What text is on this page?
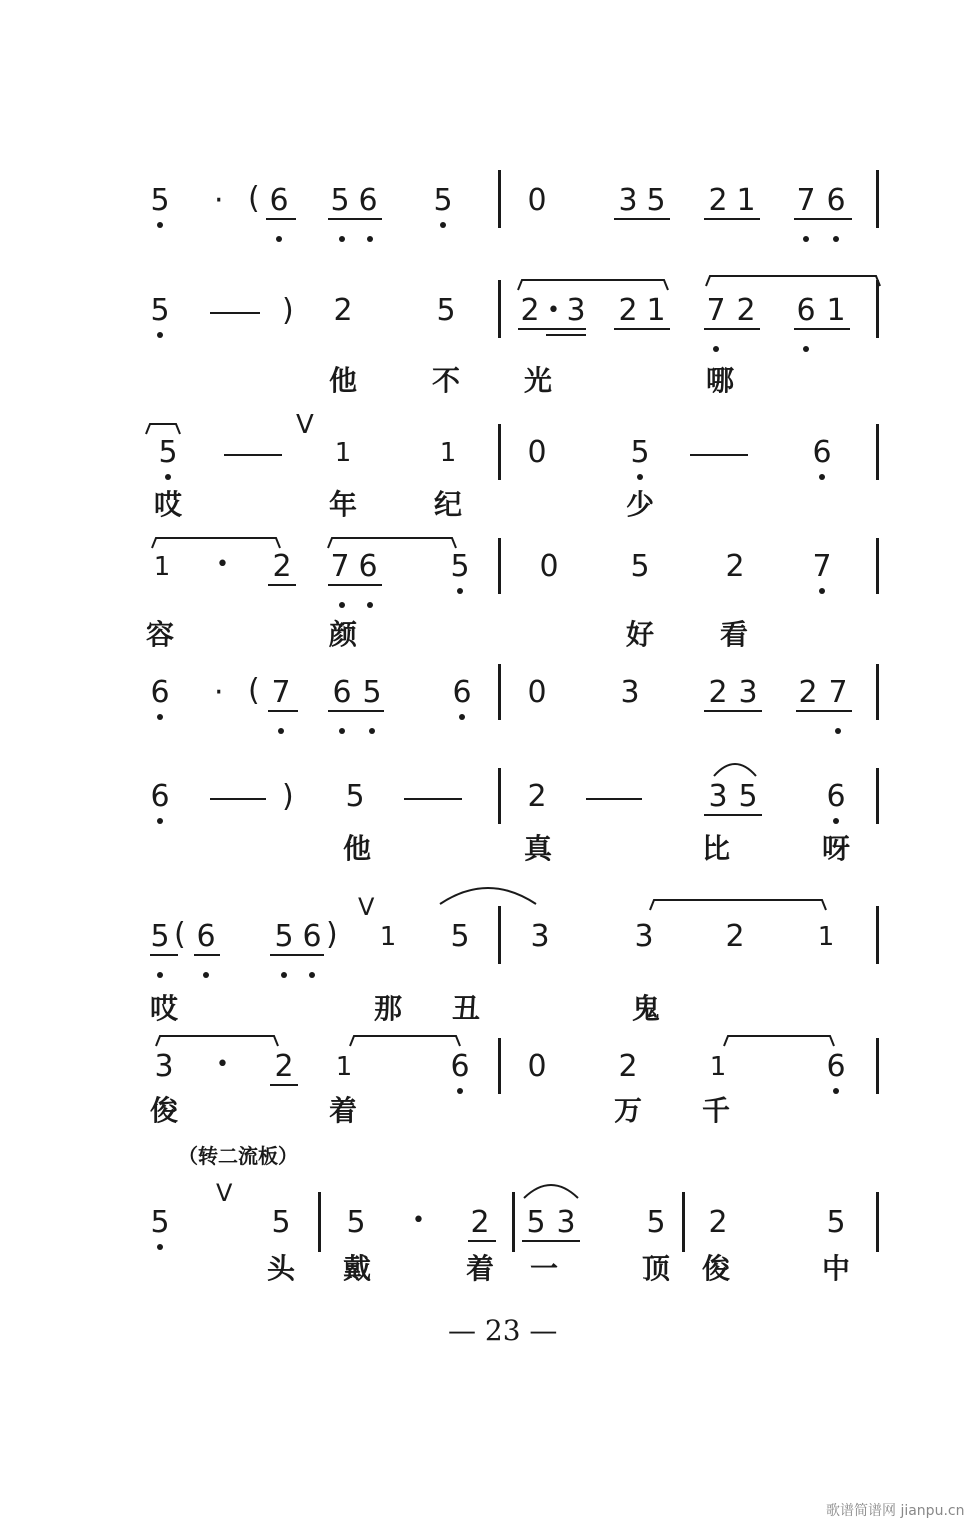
5 · ( 6 5 6 5 0 3 5 2 1 7 6
5	) 2	5 2 • 3 2 1 7 2 6 1
他	不 光	哪
5
V
1	1 0	5	6
哎	年	纪	少
1	• 2 7 6 5 0 5	2 7
容	颜	好 看
6 · ( 7 6 5 6 0 3 2 3 2 7
6	) 5	2	3 5 6
他	真	比	呀
5 ( 6 5 6 )
V
1 5 3	3 2	1
哎	那 丑	鬼
3 • 2 1	6 0 2	1	6
俊	着	万 千
5
V
5 5 • 2 5 3 5 2	5
头 戴	着 一	顶 俊	中
（转二流板）
— 23 —
歌谱简谱网 jianpu.cn
